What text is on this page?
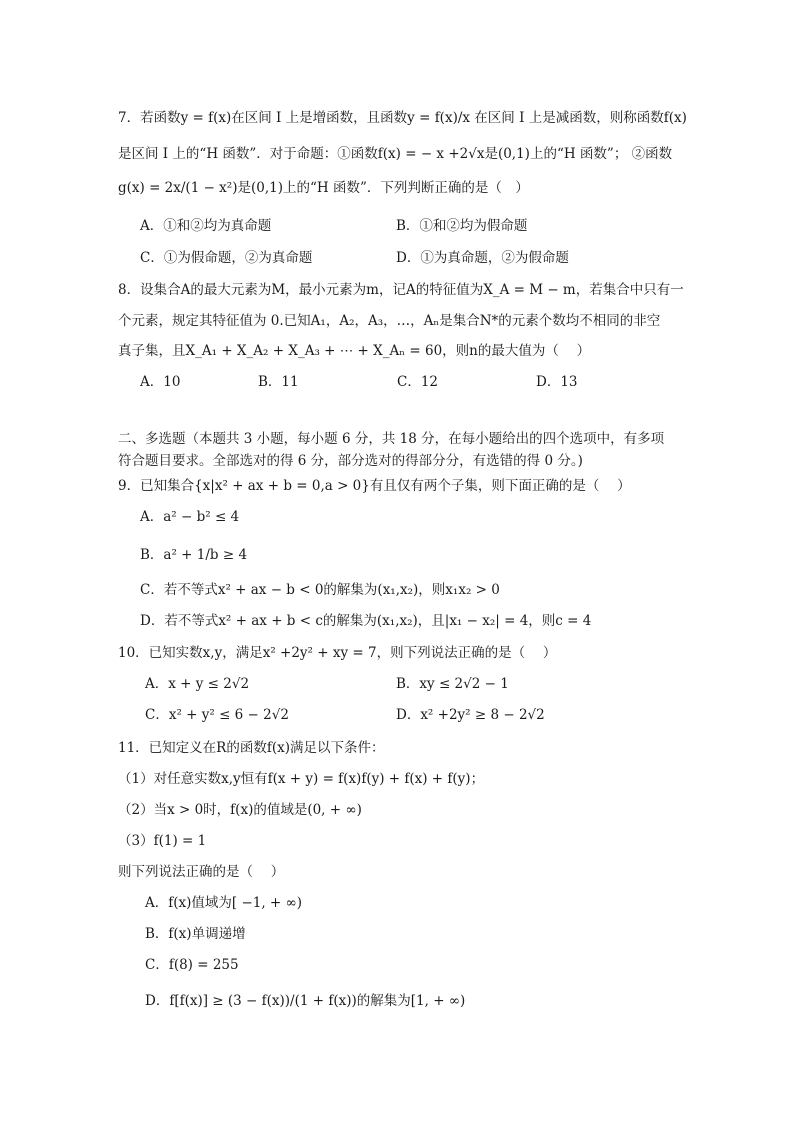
7．若函数y = f(x)在区间 I 上是增函数，且函数y = f(x)/x 在区间 I 上是减函数，则称函数f(x)
是区间 I 上的“H 函数”．对于命题：①函数f(x) = − x +2√x是(0,1)上的“H 函数”； ②函数
g(x) = 2x/(1 − x²)是(0,1)上的“H 函数”．下列判断正确的是（　）
A．①和②均为真命题	B．①和②均为假命题
C．①为假命题，②为真命题	D．①为真命题，②为假命题
8．设集合A的最大元素为M，最小元素为m，记A的特征值为X_A = M − m，若集合中只有一
个元素，规定其特征值为 0.已知A₁，A₂，A₃，…，Aₙ是集合N*的元素个数均不相同的非空
真子集，且X_A₁ + X_A₂ + X_A₃ + ⋯ + X_Aₙ = 60，则n的最大值为（　 ）
A．10	B．11	C．12	D．13
二、多选题（本题共 3 小题，每小题 6 分，共 18 分，在每小题给出的四个选项中，有多项
符合题目要求。全部选对的得 6 分，部分选对的得部分分，有选错的得 0 分。)
9．已知集合{x|x² + ax + b = 0,a > 0}有且仅有两个子集，则下面正确的是（　 ）
A．a² − b² ≤ 4
B．a² + 1/b ≥ 4
C．若不等式x² + ax − b < 0的解集为(x₁,x₂)，则x₁x₂ > 0
D．若不等式x² + ax + b < c的解集为(x₁,x₂)，且|x₁ − x₂| = 4，则c = 4
10．已知实数x,y，满足x² +2y² + xy = 7，则下列说法正确的是（　 ）
A．x + y ≤ 2√2	B．xy ≤ 2√2 − 1
C．x² + y² ≤ 6 − 2√2	D．x² +2y² ≥ 8 − 2√2
11．已知定义在R的函数f(x)满足以下条件：
（1）对任意实数x,y恒有f(x + y) = f(x)f(y) + f(x) + f(y)；
（2）当x > 0时，f(x)的值域是(0, + ∞)
（3）f(1) = 1
则下列说法正确的是（　 ）
A．f(x)值域为[ −1, + ∞)
B．f(x)单调递增
C．f(8) = 255
D．f[f(x)] ≥ (3 − f(x))/(1 + f(x))的解集为[1, + ∞)
